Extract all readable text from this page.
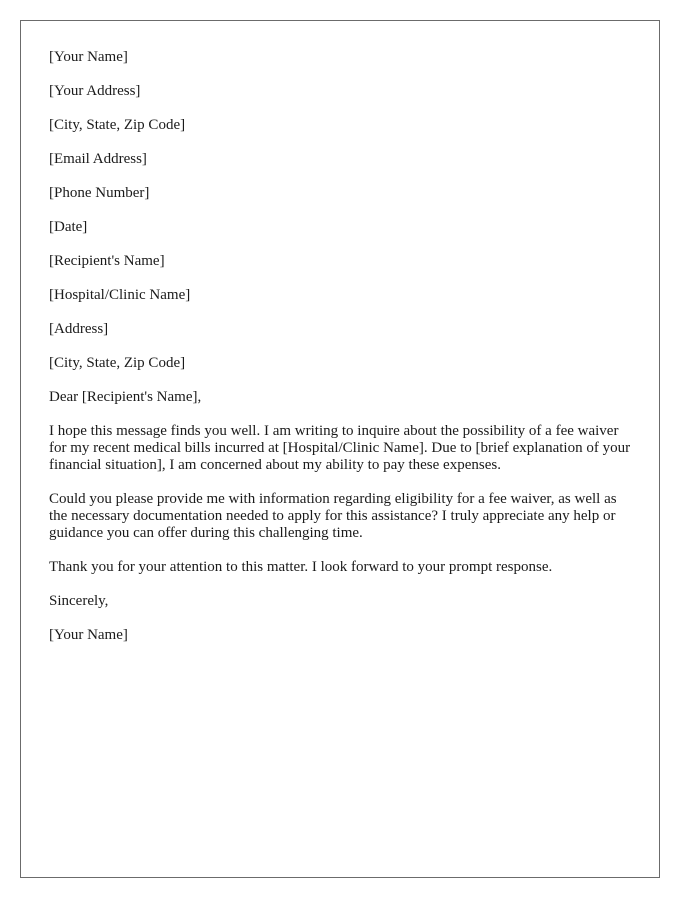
[Your Name]

[Your Address]

[City, State, Zip Code]

[Email Address]

[Phone Number]

[Date]

[Recipient's Name]

[Hospital/Clinic Name]

[Address]

[City, State, Zip Code]

Dear [Recipient's Name],

I hope this message finds you well. I am writing to inquire about the possibility of a fee waiver for my recent medical bills incurred at [Hospital/Clinic Name]. Due to [brief explanation of your financial situation], I am concerned about my ability to pay these expenses.

Could you please provide me with information regarding eligibility for a fee waiver, as well as the necessary documentation needed to apply for this assistance? I truly appreciate any help or guidance you can offer during this challenging time.

Thank you for your attention to this matter. I look forward to your prompt response.

Sincerely,

[Your Name]
